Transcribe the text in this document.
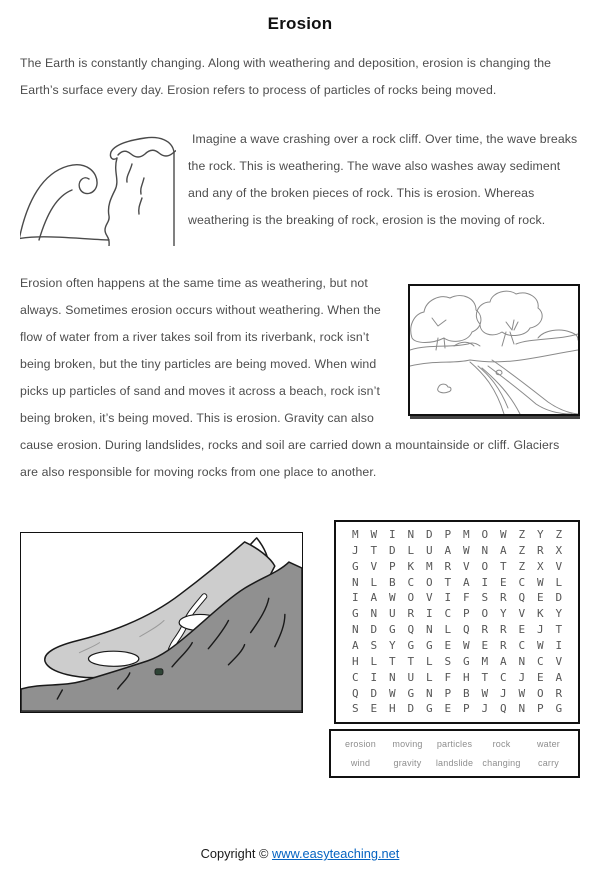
Erosion

The Earth is constantly changing. Along with weathering and deposition, erosion is changing the Earth’s surface every day. Erosion refers to process of particles of rocks being moved.

Imagine a wave crashing over a rock cliff. Over time, the wave breaks the rock. This is weathering. The wave also washes away sediment and any of the broken pieces of rock. This is erosion. Whereas weathering is the breaking of rock, erosion is the moving of rock.

Erosion often happens at the same time as weathering, but not always. Sometimes erosion occurs without weathering. When the flow of water from a river takes soil from its riverbank, rock isn’t being broken, but the tiny particles are being moved. When wind picks up particles of sand and moves it across a beach, rock isn’t being broken, it’s being moved. This is erosion. Gravity can also cause erosion. During landslides, rocks and soil are carried down a mountainside or cliff. Glaciers are also responsible for moving rocks from one place to another.

M	W	I	N	D	P	M	O	W	Z	Y	Z
J	T	D	L	U	A	W	N	A	Z	R	X
G	V	P	K	M	R	V	O	T	Z	X	V
N	L	B	C	O	T	A	I	E	C	W	L
I	A	W	O	V	I	F	S	R	Q	E	D
G	N	U	R	I	C	P	O	Y	V	K	Y
N	D	G	Q	N	L	Q	R	R	E	J	T
A	S	Y	G	G	E	W	E	R	C	W	I
H	L	T	T	L	S	G	M	A	N	C	V
C	I	N	U	L	F	H	T	C	J	E	A
Q	D	W	G	N	P	B	W	J	W	O	R
S	E	H	D	G	E	P	J	Q	N	P	G
erosion moving particles rock	water
wind	gravity landslide changing carry
Copyright © www.easyteaching.net
